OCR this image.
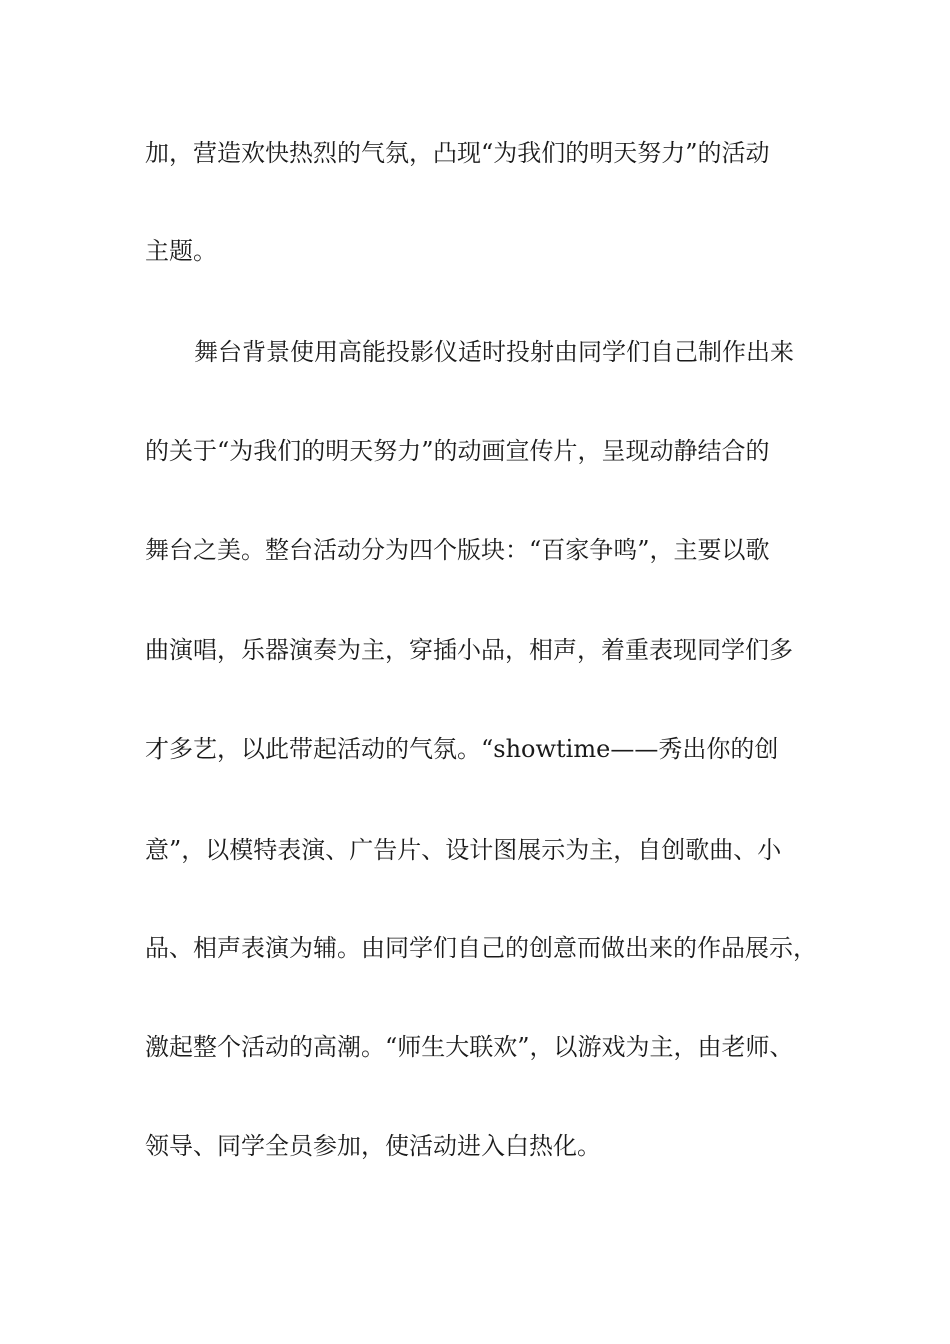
加，营造欢快热烈的气氛，凸现“为我们的明天努力”的活动
主题。
舞台背景使用高能投影仪适时投射由同学们自己制作出来
的关于“为我们的明天努力”的动画宣传片，呈现动静结合的
舞台之美。整台活动分为四个版块：“百家争鸣”，主要以歌
曲演唱，乐器演奏为主，穿插小品，相声，着重表现同学们多
才多艺，以此带起活动的气氛。“showtime——秀出你的创
意”，以模特表演、广告片、设计图展示为主，自创歌曲、小
品、相声表演为辅。由同学们自己的创意而做出来的作品展示，
激起整个活动的高潮。“师生大联欢”，以游戏为主，由老师、
领导、同学全员参加，使活动进入白热化。
